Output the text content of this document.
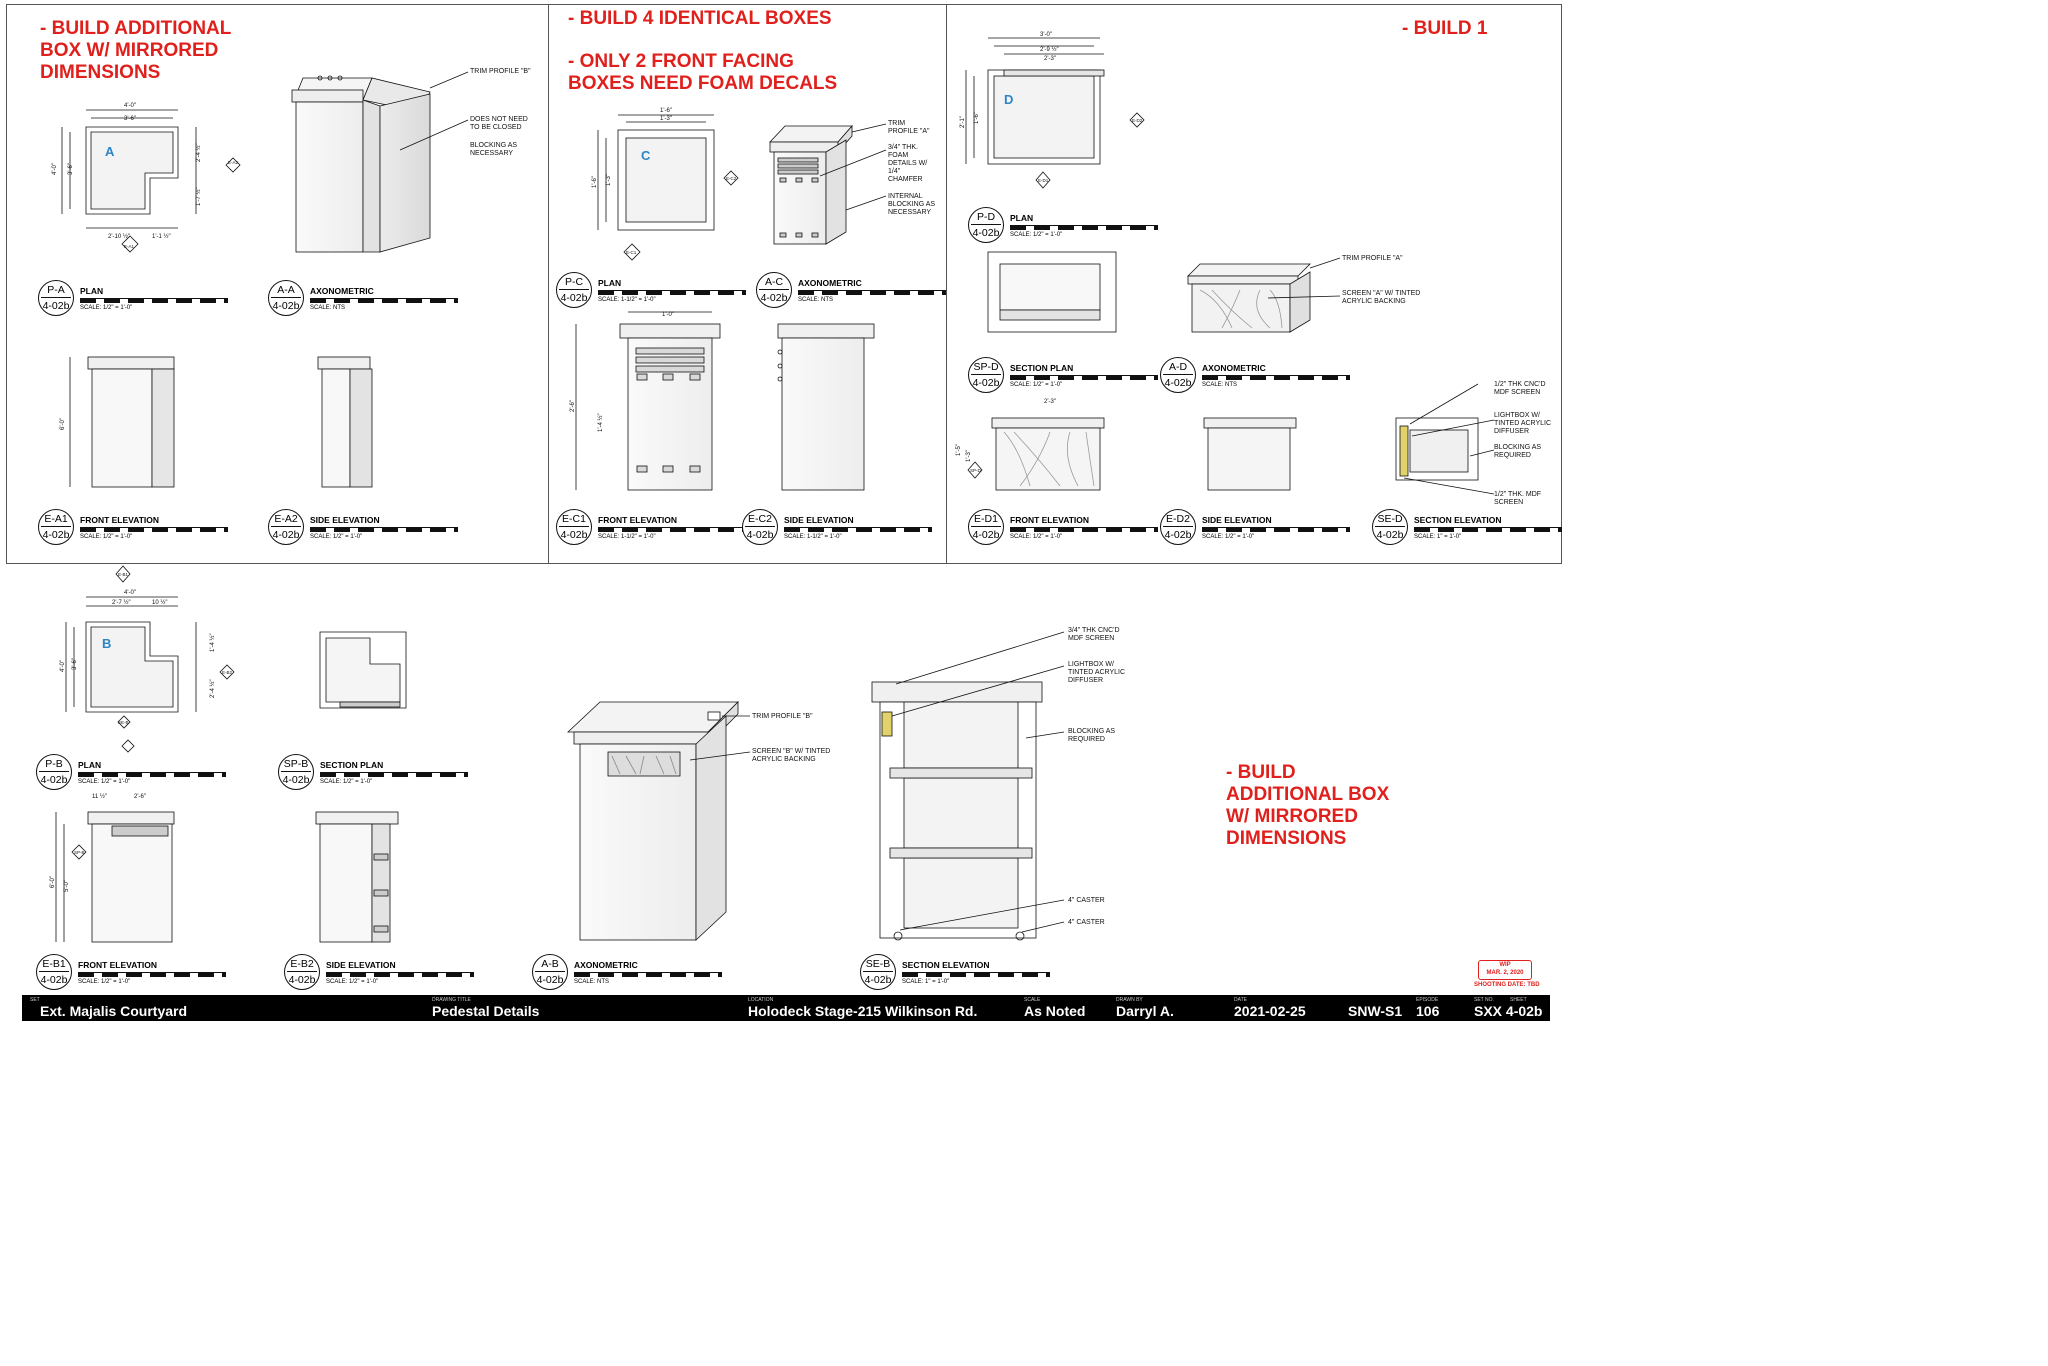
4'-0"
3'-6"
4'-0" 3'-6"
2'-10 ½"	1'-1 ½"
2'-4 ½"
1'-7 ½"
6'-0"
1'-6"
1'-3"
1'-6" 1'-3"
1'-0"
2'-6"
1'-4 ½"
3'-0"
2'-9 ½"
2'-3"
2'-1" 1'-6"
2'-3"
1'-5"
1'-3"
4'-0"
2'-7 ½"	10 ½"
4'-0" 3'-6"
1'-4 ½"
2'-4 ½"
2'-6"
11 ½"
6'-0" 5'-0"
E-A1
E-A2
E-C1
E-C2	E-D1
E-D2
SP-D
E-B1
E-B2
SE-B
SP-B
- BUILD ADDITIONAL
BOX W/ MIRRORED
DIMENSIONS
- BUILD 4 IDENTICAL BOXES
- ONLY 2 FRONT FACING
BOXES NEED FOAM DECALS
- BUILD 1
- BUILD
ADDITIONAL BOX
W/ MIRRORED
DIMENSIONS
A	C
D
B
TRIM PROFILE "B"
DOES NOT NEED
TO BE CLOSED
BLOCKING AS
NECESSARY
TRIM
PROFILE "A"
3/4" THK.
FOAM
DETAILS W/
1/4"
CHAMFER
INTERNAL
BLOCKING AS
NECESSARY
TRIM PROFILE "A"
SCREEN "A" W/ TINTED
ACRYLIC BACKING
1/2" THK CNC'D
MDF SCREEN
LIGHTBOX W/
TINTED ACRYLIC
DIFFUSER
BLOCKING AS
REQUIRED
1/2" THK. MDF
SCREEN
TRIM PROFILE "B"
SCREEN "B" W/ TINTED
ACRYLIC BACKING
3/4" THK CNC'D
MDF SCREEN
LIGHTBOX W/
TINTED ACRYLIC
DIFFUSER
BLOCKING AS
REQUIRED
4" CASTER
4" CASTER
P-A
4-02b
PLAN
SCALE: 1/2" = 1'-0"
A-A
4-02b
AXONOMETRIC
SCALE: NTS
E-A1
4-02b
FRONT ELEVATION
SCALE: 1/2" = 1'-0"
E-A2
4-02b
SIDE ELEVATION
SCALE: 1/2" = 1'-0"
P-C
4-02b
PLAN
SCALE: 1-1/2" = 1'-0"
A-C
4-02b
AXONOMETRIC
SCALE: NTS
E-C1
4-02b
FRONT ELEVATION
SCALE: 1-1/2" = 1'-0"
E-C2
4-02b
SIDE ELEVATION
SCALE: 1-1/2" = 1'-0"
P-D
4-02b
PLAN
SCALE: 1/2" = 1'-0"
SP-D
4-02b
SECTION PLAN
SCALE: 1/2" = 1'-0"
A-D
4-02b
AXONOMETRIC
SCALE: NTS
E-D1
4-02b
FRONT ELEVATION
SCALE: 1/2" = 1'-0"
E-D2
4-02b
SIDE ELEVATION
SCALE: 1/2" = 1'-0"
SE-D
4-02b
SECTION ELEVATION
SCALE: 1" = 1'-0"
P-B
4-02b
PLAN
SCALE: 1/2" = 1'-0"
SP-B
4-02b
SECTION PLAN
SCALE: 1/2" = 1'-0"
E-B1
4-02b
FRONT ELEVATION
SCALE: 1/2" = 1'-0"
E-B2
4-02b
SIDE ELEVATION
SCALE: 1/2" = 1'-0"
A-B
4-02b
AXONOMETRIC
SCALE: NTS
SE-B
4-02b
SECTION ELEVATION
SCALE: 1" = 1'-0"
WIP
MAR. 2, 2020
SHOOTING DATE: TBD
SET
Ext. Majalis Courtyard
DRAWING TITLE
Pedestal Details
LOCATION
Holodeck Stage-215 Wilkinson Rd.
SCALE
As Noted
DRAWN BY
Darryl A.
DATE
2021-02-25	SNW-S1
EPISODE
106
SET NO.	SHEET
SXX 4-02b
